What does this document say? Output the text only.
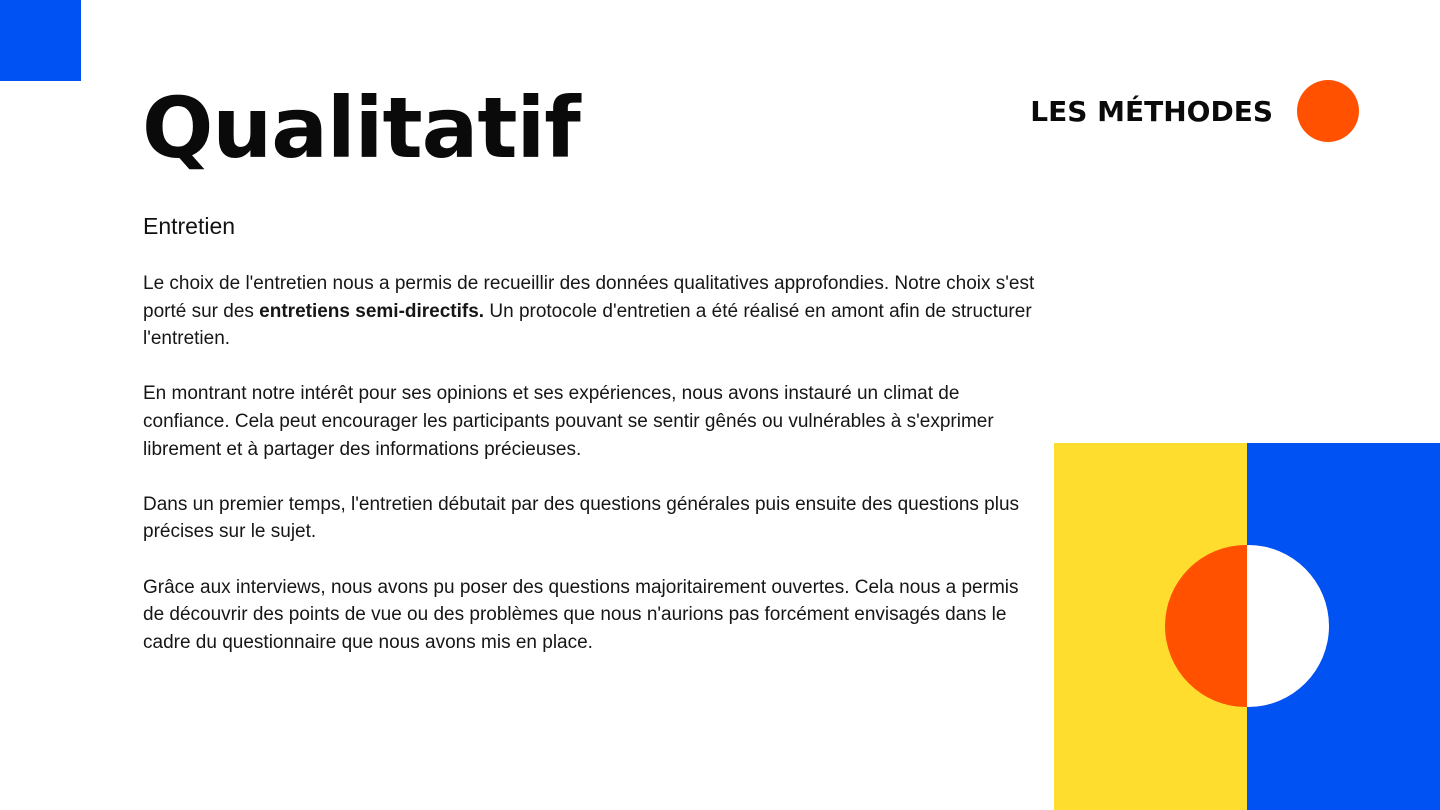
Qualitatif	LES MÉTHODES
Entretien

Le choix de l'entretien nous a permis de recueillir des données qualitatives approfondies. Notre choix s'est porté sur des entretiens semi-directifs. Un protocole d'entretien a été réalisé en amont afin de structurer l'entretien.

En montrant notre intérêt pour ses opinions et ses expériences, nous avons instauré un climat de confiance. Cela peut encourager les participants pouvant se sentir gênés ou vulnérables à s'exprimer librement et à partager des informations précieuses.

Dans un premier temps, l'entretien débutait par des questions générales puis ensuite des questions plus précises sur le sujet.

Grâce aux interviews, nous avons pu poser des questions majoritairement ouvertes. Cela nous a permis de découvrir des points de vue ou des problèmes que nous n'aurions pas forcément envisagés dans le cadre du questionnaire que nous avons mis en place.
